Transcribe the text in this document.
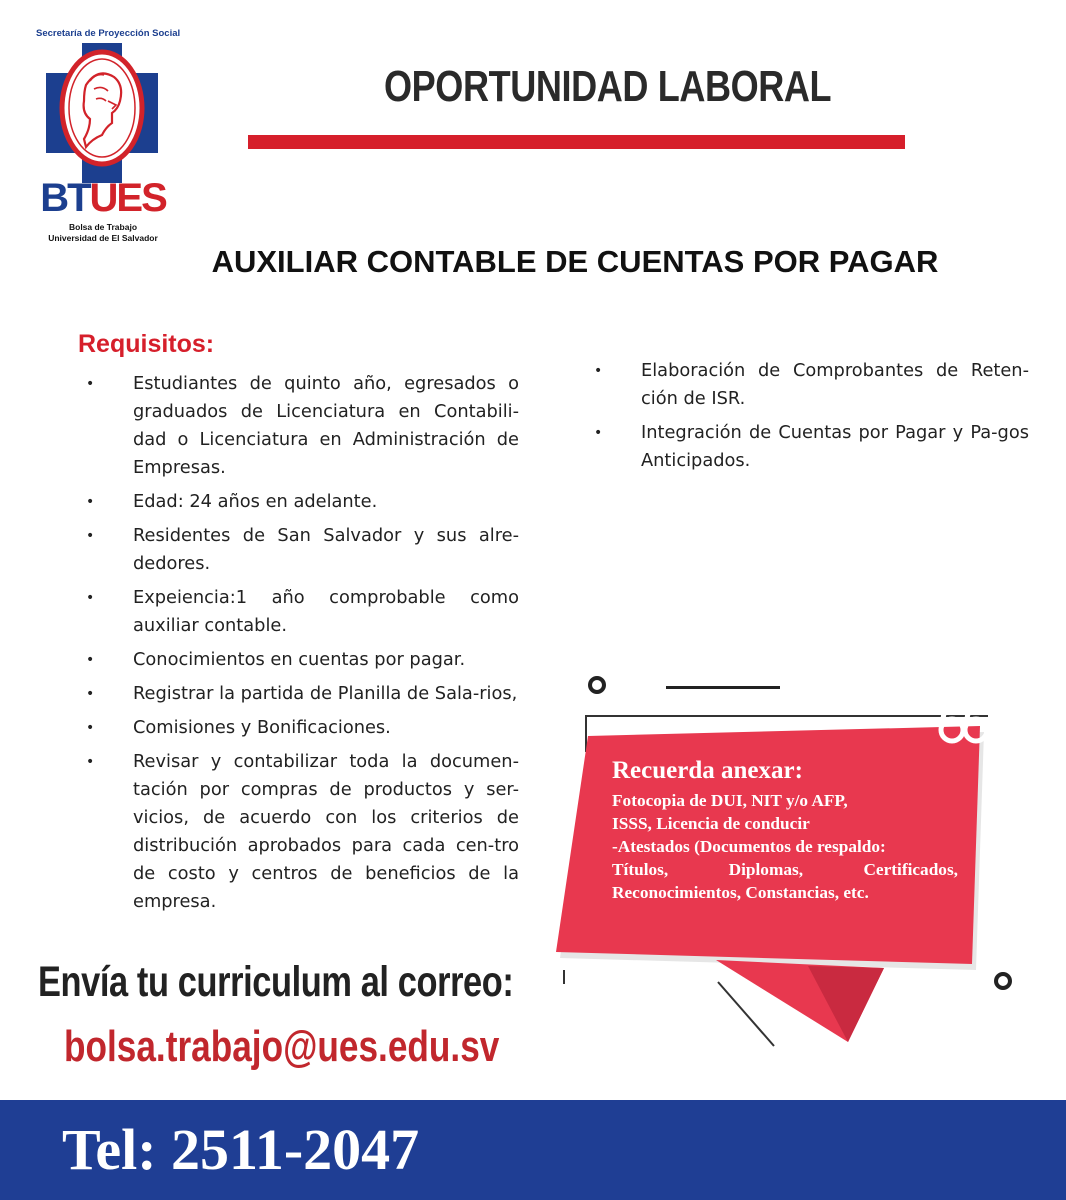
Secretaría de Proyección Social
BTUES
Bolsa de Trabajo
Universidad de El Salvador
OPORTUNIDAD LABORAL
AUXILIAR CONTABLE DE CUENTAS POR PAGAR
Requisitos:
• Estudiantes de quinto año, egresados o graduados de Licenciatura en Contabili-dad o Licenciatura en Administración de Empresas.
• Edad: 24 años en adelante.
• Residentes de San Salvador y sus alre-dedores.
• Expeiencia:1 año comprobable como auxiliar contable.
• Conocimientos en cuentas por pagar.
• Registrar la partida de Planilla de Sala-rios,
• Comisiones y Bonificaciones.
• Revisar y contabilizar toda la documen-tación por compras de productos y ser-vicios, de acuerdo con los criterios de distribución aprobados para cada cen-tro de costo y centros de beneficios de la empresa.
• Elaboración de Comprobantes de Reten-ción de ISR.
• Integración de Cuentas por Pagar y Pa-gos Anticipados.
Recuerda anexar:
Fotocopia de DUI, NIT y/o AFP,
ISSS, Licencia de conducir
-Atestados (Documentos de respaldo:
Títulos, Diplomas, Certificados,
Reconocimientos, Constancias, etc.
Envía tu curriculum al correo:
bolsa.trabajo@ues.edu.sv
Tel: 2511-2047
